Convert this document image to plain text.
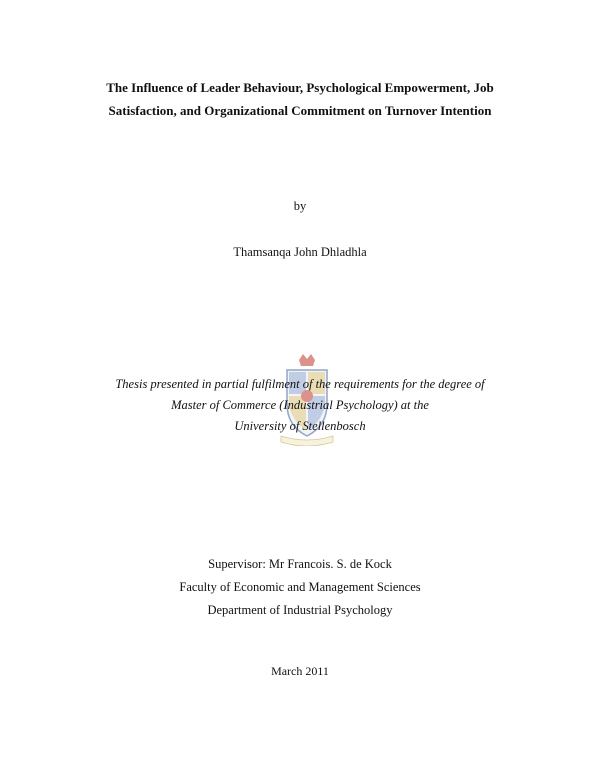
The Influence of Leader Behaviour, Psychological Empowerment, Job
Satisfaction, and Organizational Commitment on Turnover Intention
by
Thamsanqa John Dhladhla
Thesis presented in partial fulfilment of the requirements for the degree of
Master of Commerce (Industrial Psychology) at the
University of Stellenbosch
Supervisor: Mr Francois. S. de Kock
Faculty of Economic and Management Sciences
Department of Industrial Psychology
March 2011
